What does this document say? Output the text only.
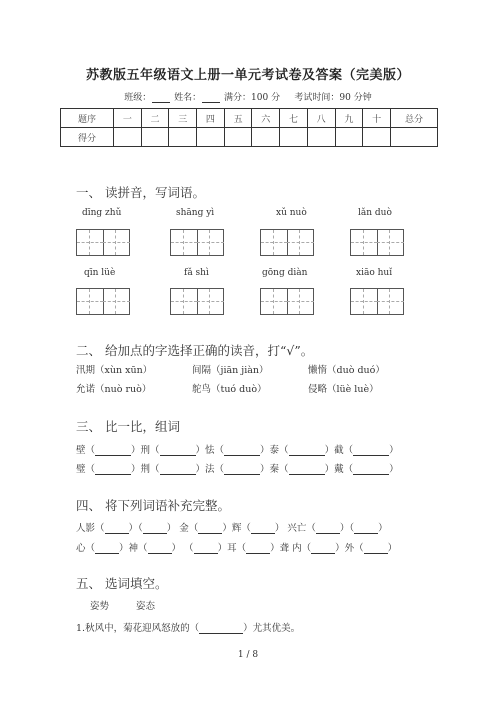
苏教版五年级语文上册一单元考试卷及答案（完美版）
班级：	姓名：	满分：100 分 考试时间：90 分钟
题序	一	二	三	四	五	六	七	八	九	十	总分
得分											
一、 读拼音，写词语。
dīng zhǔ	shāng yì	xǔ nuò	lǎn duò
qīn lüè	fǎ shì	gōng diàn	xiāo huǐ
二、 给加点的字选择正确的读音，打“√”。
汛期（xùn xūn）	间隔（jiān jiàn）	懒惰（duò duó）
允诺（nuò ruò）	鸵鸟（tuó duò）	侵略（lüè luè）
三、 比一比，组词
壁（	）刑（	）怯（	）泰（	）截（	）
璧（	）荆（	）法（	）秦（	）戴（	）
四、 将下列词语补充完整。
人影（	）（	） 金（	）辉（	） 兴亡（	）（	）
心（	）神（	） （	）耳（	）聋 内（	）外（	）
五、 选词填空。
姿势	姿态
1.秋风中，菊花迎风怒放的（	）尤其优美。
1 / 8
